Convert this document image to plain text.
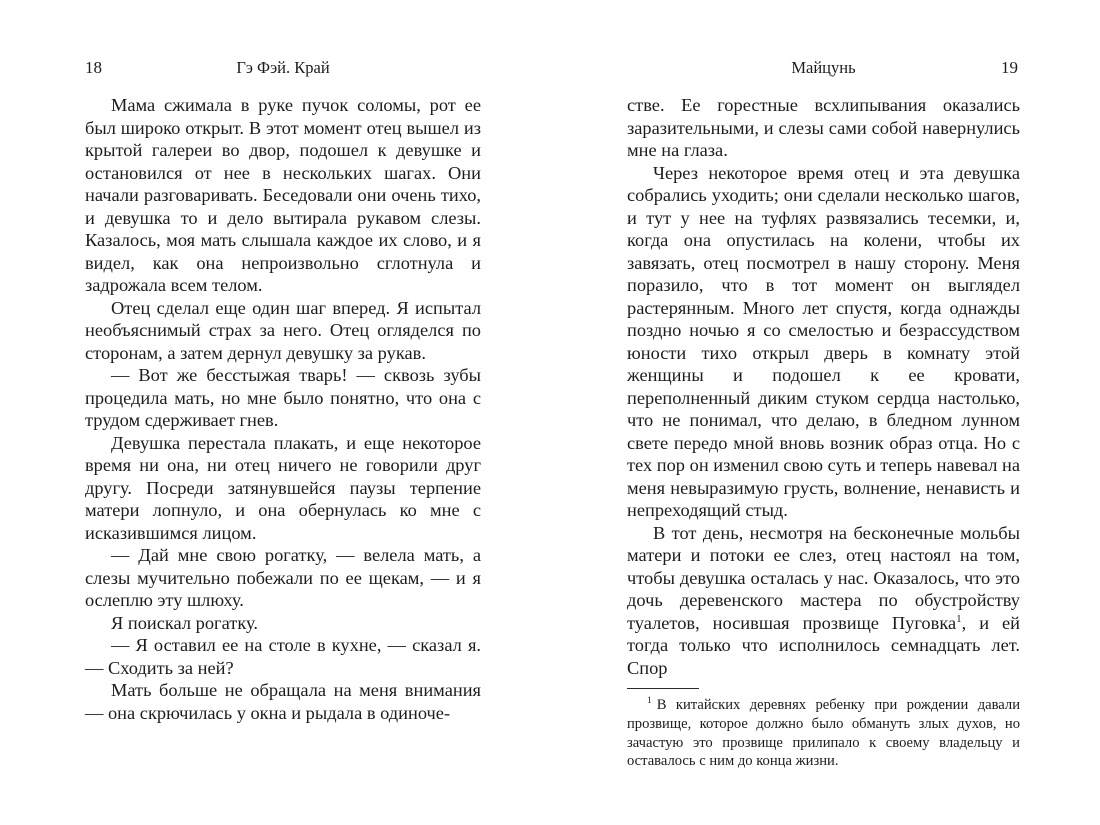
18	Гэ Фэй. Край

Мама сжимала в руке пучок соломы, рот ее был широко открыт. В этот момент отец вышел из крытой галереи во двор, подошел к девушке и остановился от нее в нескольких шагах. Они начали разговаривать. Беседовали они очень тихо, и девушка то и дело вытирала рукавом слезы. Казалось, моя мать слышала каждое их слово, и я видел, как она непроизвольно сглотнула и задрожала всем телом.

Отец сделал еще один шаг вперед. Я испытал необъяснимый страх за него. Отец огляделся по сторонам, а затем дернул девушку за рукав.

— Вот же бесстыжая тварь! — сквозь зубы процедила мать, но мне было понятно, что она с трудом сдерживает гнев.

Девушка перестала плакать, и еще некоторое время ни она, ни отец ничего не говорили друг другу. Посреди затянувшейся паузы терпение матери лопнуло, и она обернулась ко мне с исказившимся лицом.

— Дай мне свою рогатку, — велела мать, а слезы мучительно побежали по ее щекам, — и я ослеплю эту шлюху.

Я поискал рогатку.

— Я оставил ее на столе в кухне, — сказал я. — Сходить за ней?

Мать больше не обращала на меня внимания — она скрючилась у окна и рыдала в одиноче-

Майцунь	19

стве. Ее горестные всхлипывания оказались заразительными, и слезы сами собой навернулись мне на глаза.

Через некоторое время отец и эта девушка собрались уходить; они сделали несколько шагов, и тут у нее на туфлях развязались тесемки, и, когда она опустилась на колени, чтобы их завязать, отец посмотрел в нашу сторону. Меня поразило, что в тот момент он выглядел растерянным. Много лет спустя, когда однажды поздно ночью я со смелостью и безрассудством юности тихо открыл дверь в комнату этой женщины и подошел к ее кровати, переполненный диким стуком сердца настолько, что не понимал, что делаю, в бледном лунном свете передо мной вновь возник образ отца. Но с тех пор он изменил свою суть и теперь навевал на меня невыразимую грусть, волнение, ненависть и непреходящий стыд.

В тот день, несмотря на бесконечные мольбы матери и потоки ее слез, отец настоял на том, чтобы девушка осталась у нас. Оказалось, что это дочь деревенского мастера по обустройству туалетов, носившая прозвище Пуговка$^1$, и ей тогда только что исполнилось семнадцать лет. Спор

$^1$ В китайских деревнях ребенку при рождении давали прозвище, которое должно было обмануть злых духов, но зачастую это прозвище прилипало к своему владельцу и оставалось с ним до конца жизни.
